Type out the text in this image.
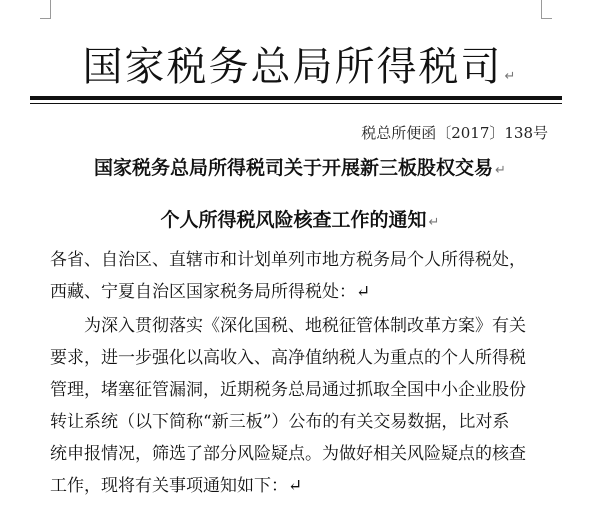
国家税务总局所得税司 ↵
税总所便函〔2017〕138号
国家税务总局所得税司关于开展新三板股权交易 ↵
个人所得税风险核查工作的通知 ↵
各省、自治区、直辖市和计划单列市地方税务局个人所得税处，
西藏、宁夏自治区国家税务局所得税处：↵
为深入贯彻落实《深化国税、地税征管体制改革方案》有关
要求，进一步强化以高收入、高净值纳税人为重点的个人所得税
管理，堵塞征管漏洞，近期税务总局通过抓取全国中小企业股份
转让系统（以下简称“新三板”）公布的有关交易数据，比对系
统申报情况，筛选了部分风险疑点。为做好相关风险疑点的核查
工作，现将有关事项通知如下：↵
